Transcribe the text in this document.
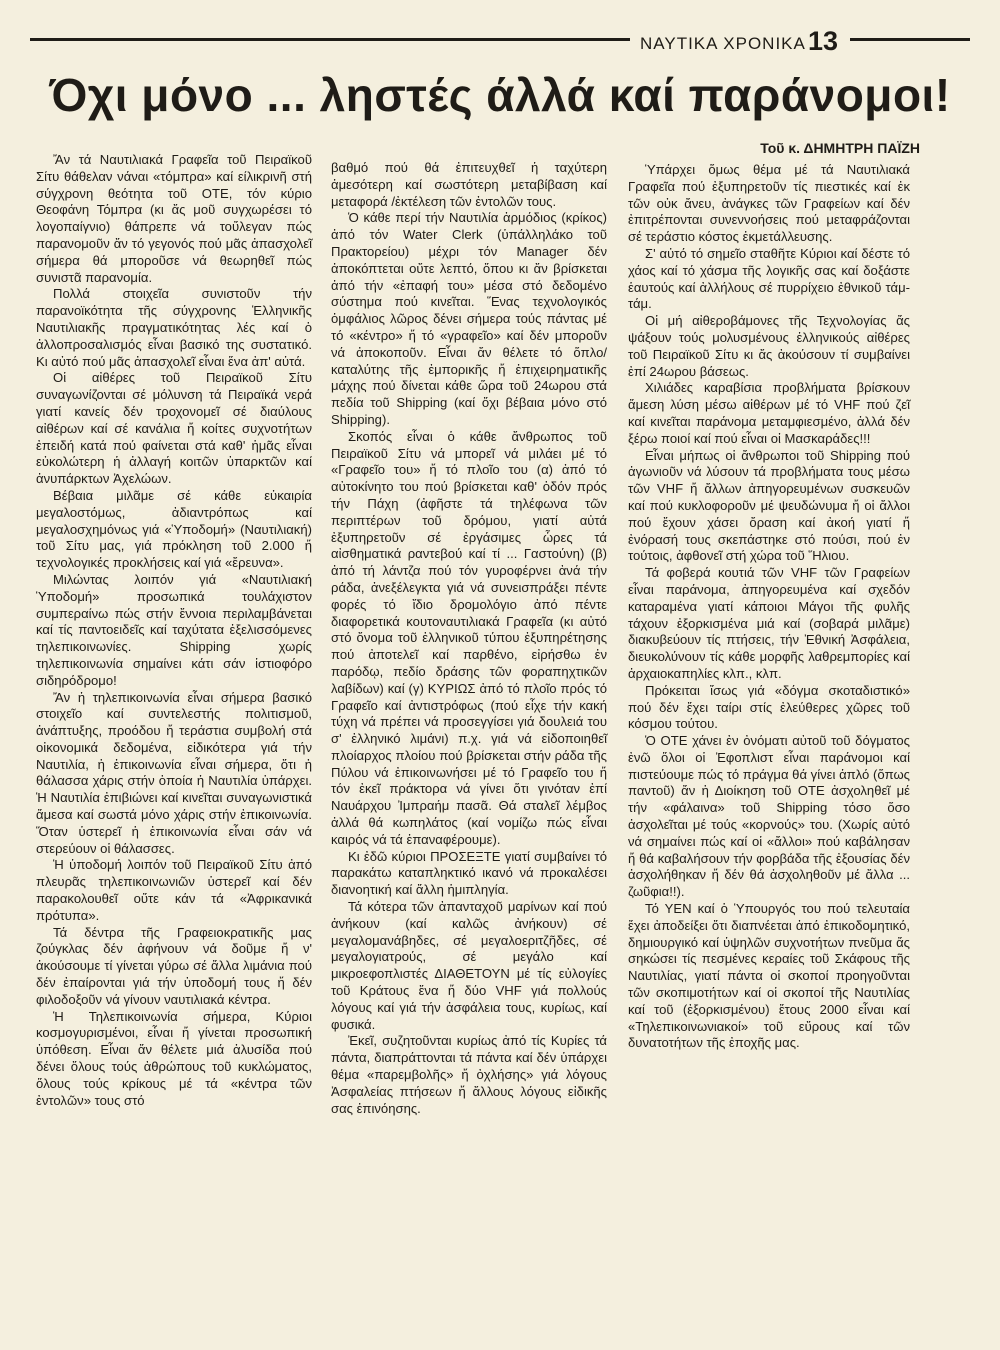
ΝΑΥΤΙΚΑ ΧΡΟΝΙΚΑ 13
Όχι μόνο ... ληστές άλλά καί παράνομοι!
Τοῦ κ. ΔΗΜΗΤΡΗ ΠΑΪΖΗ

Ἄν τά Ναυτιλιακά Γραφεῖα τοῦ Πειραϊκοῦ Σίτυ θάθελαν νάναι «τόμπρα» καί είλικρινῆ στή σύγχρονη θεότητα τοῦ ΟΤΕ, τόν κύριο Θεοφάνη Τόμπρα (κι ἄς μοῦ συγχωρέσει τό λογοπαίγνιο) θάπρεπε νά τοὔλεγαν πώς παρανομοῦν ἄν τό γεγονός πού μᾶς ἀπασχολεῖ σήμερα θά μποροῦσε νά θεωρηθεῖ πώς συνιστᾶ παρανομία.

Πολλά στοιχεῖα συνιστοῦν τήν παρανοϊκότητα τῆς σύγχρονης Ἑλληνικῆς Ναυτιλιακῆς πραγματικότητας λές καί ὁ ἀλλοπροσαλισμός εἶναι βασικό της συστατικό. Κι αὐτό πού μᾶς ἀπασχολεῖ εἶναι ἕνα ἀπ' αὐτά.

Οἱ αἰθέρες τοῦ Πειραϊκοῦ Σίτυ συναγωνίζονται σέ μόλυνση τά Πειραϊκά νερά γιατί κανείς δέν τροχονομεῖ σέ διαύλους αἰθέρων καί σέ κανάλια ἤ κοίτες συχνοτήτων ἐπειδή κατά πού φαίνεται στά καθ' ἡμᾶς εἶναι εὐκολώτερη ἡ ἀλλαγή κοιτῶν ὑπαρκτῶν καί ἀνυπάρκτων Ἀχελώων.

Βέβαια μιλᾶμε σέ κάθε εὐκαιρία μεγαλοστόμως, ἀδιαντρόπως καί μεγαλοσχημόνως γιά «Ὑποδομή» (Ναυτιλιακή) τοῦ Σίτυ μας, γιά πρόκληση τοῦ 2.000 ἤ τεχνολογικές προκλήσεις καί γιά «ἔρευνα».

Μιλώντας λοιπόν γιά «Ναυτιλιακή Ὑποδομή» προσωπικά τουλάχιστον συμπεραίνω πώς στήν ἔννοια περιλαμβάνεται καί τίς παντοειδεῖς καί ταχύτατα ἐξελισσόμενες τηλεπικοινωνίες. Shipping χωρίς τηλεπικοινωνία σημαίνει κάτι σάν ἱστιοφόρο σιδηρόδρομο!

Ἄν ἡ τηλεπικοινωνία εἶναι σήμερα βασικό στοιχεῖο καί συντελεστής πολιτισμοῦ, ἀνάπτυξης, προόδου ἤ τεράστια συμβολή στά οἰκονομικά δεδομένα, εἰδικότερα γιά τήν Ναυτιλία, ἡ ἐπικοινωνία εἶναι σήμερα, ὅτι ἡ θάλασσα χάρις στήν ὁποία ἡ Ναυτιλία ὑπάρχει. Ἡ Ναυτιλία ἐπιβιώνει καί κινεῖται συναγωνιστικά ἄμεσα καί σωστά μόνο χάρις στήν ἐπικοινωνία. Ὅταν ὑστερεῖ ἡ ἐπικοινωνία εἶναι σάν νά στερεύουν οἱ θάλασσες.

Ἡ ὑποδομή λοιπόν τοῦ Πειραϊκοῦ Σίτυ ἀπό πλευρᾶς τηλεπικοινωνιῶν ὑστερεῖ καί δέν παρακολουθεῖ οὔτε κάν τά «Ἀφρικανικά πρότυπα».

Τά δέντρα τῆς Γραφειοκρατικῆς μας ζούγκλας δέν ἀφήνουν νά δοῦμε ἤ ν' ἀκούσουμε τί γίνεται γύρω σέ ἄλλα λιμάνια πού δέν ἐπαίρονται γιά τήν ὑποδομή τους ἤ δέν φιλοδοξοῦν νά γίνουν ναυτιλιακά κέντρα.

Ἡ Τηλεπικοινωνία σήμερα, Κύριοι κοσμογυρισμένοι, εἶναι ἤ γίνεται προσωπική ὑπόθεση. Εἶναι ἄν θέλετε μιά ἁλυσίδα πού δένει ὅλους τούς ἀθρώπους τοῦ κυκλώματος, ὅλους τούς κρίκους μέ τά «κέντρα τῶν ἐντολῶν» τους στό

βαθμό πού θά ἐπιτευχθεῖ ἡ ταχύτερη ἀμεσότερη καί σωστότερη μεταβίβαση καί μεταφορά /ἐκτέλεση τῶν ἐντολῶν τους.

Ὁ κάθε περί τήν Ναυτιλία ἁρμόδιος (κρίκος) ἀπό τόν Water Clerk (ὑπάλληλάκο τοῦ Πρακτορείου) μέχρι τόν Manager δέν ἀποκόπτεται οὔτε λεπτό, ὅπου κι ἄν βρίσκεται ἀπό τήν «ἐπαφή του» μέσα στό δεδομένο σύστημα πού κινεῖται. Ἕνας τεχνολογικός ὀμφάλιος λῶρος δένει σήμερα τούς πάντας μέ τό «κέντρο» ἤ τό «γραφεῖο» καί δέν μποροῦν νά ἀποκοποῦν. Εἶναι ἄν θέλετε τό ὅπλο/καταλύτης τῆς ἐμπορικῆς ἤ ἐπιχειρηματικῆς μάχης πού δίνεται κάθε ὥρα τοῦ 24ωρου στά πεδία τοῦ Shipping (καί ὄχι βέβαια μόνο στό Shipping).

Σκοπός εἶναι ὁ κάθε ἄνθρωπος τοῦ Πειραϊκοῦ Σίτυ νά μπορεῖ νά μιλάει μέ τό «Γραφεῖο του» ἤ τό πλοῖο του (α) ἀπό τό αὐτοκίνητο του πού βρίσκεται καθ' ὁδόν πρός τήν Πάχη (ἀφῆστε τά τηλέφωνα τῶν περιπτέρων τοῦ δρόμου, γιατί αὐτά ἐξυπηρετοῦν σέ ἐργάσιμες ὧρες τά αἰσθηματικά ραντεβού καί τί ... Γαστούνη) (β) ἀπό τή λάντζα πού τόν γυροφέρνει ἀνά τήν ράδα, ἀνεξέλεγκτα γιά νά συνεισπράξει πέντε φορές τό ἴδιο δρομολόγιο ἀπό πέντε διαφορετικά κουτοναυτιλιακά Γραφεῖα (κι αὐτό στό ὄνομα τοῦ ἑλληνικοῦ τύπου ἐξυπηρέτησης πού ἀποτελεῖ καί παρθένο, εἰρήσθω ἐν παρόδῳ, πεδίο δράσης τῶν φοραπηχτικῶν λαβίδων) καί (γ) ΚΥΡΙΩΣ ἀπό τό πλοῖο πρός τό Γραφεῖο καί ἀντιστρόφως (πού εἶχε τήν κακή τύχη νά πρέπει νά προσεγγίσει γιά δουλειά του σ' ἑλληνικό λιμάνι) π.χ. γιά νά εἰδοποιηθεῖ πλοίαρχος πλοίου πού βρίσκεται στήν ράδα τῆς Πύλου νά ἐπικοινωνήσει μέ τό Γραφεῖο του ἤ τόν ἐκεῖ πράκτορα νά γίνει ὅτι γινόταν ἐπί Ναυάρχου Ἰμπραήμ πασᾶ. Θά σταλεῖ λέμβος ἀλλά θά κωπηλάτος (καί νομίζω πώς εἶναι καιρός νά τά ἐπαναφέρουμε).

Κι ἐδῶ κύριοι ΠΡΟΣΕΞΤΕ γιατί συμβαίνει τό παρακάτω καταπληκτικό ικανό νά προκαλέσει διανοητική καί ἄλλη ἡμιπληγία.

Τά κότερα τῶν ἀπανταχοῦ μαρίνων καί πού ἀνήκουν (καί καλῶς ἀνήκουν) σέ μεγαλομανάβηδες, σέ μεγαλοεριτζῆδες, σέ μεγαλογιατρούς, σέ μεγάλο καί μικροεφοπλιστές ΔΙΑΘΕΤΟΥΝ μέ τίς εὐλογίες τοῦ Κράτους ἕνα ἤ δύο VHF γιά πολλούς λόγους καί γιά τήν ἀσφάλεια τους, κυρίως, καί φυσικά.

Ἐκεῖ, συζητοῦνται κυρίως ἀπό τίς Κυρίες τά πάντα, διαπράττονται τά πάντα καί δέν ὑπάρχει θέμα «παρεμβολῆς» ἤ ὀχλήσης» γιά λόγους Ἀσφαλείας πτήσεων ἤ ἄλλους λόγους εἰδικῆς σας ἐπινόησης.

Ὑπάρχει ὅμως θέμα μέ τά Ναυτιλιακά Γραφεῖα πού ἐξυπηρετοῦν τίς πιεστικές καί ἐκ τῶν οὐκ ἄνευ, ἀνάγκες τῶν Γραφείων καί δέν ἐπιτρέπονται συνεννοήσεις πού μεταφράζονται σέ τεράστιο κόστος ἐκμετάλλευσης.

Σ' αὐτό τό σημεῖο σταθῆτε Κύριοι καί δέστε τό χάος καί τό χάσμα τῆς λογικῆς σας καί δοξάστε ἑαυτούς καί ἀλλήλους σέ πυρρίχειο ἐθνικοῦ τάμ-τάμ.

Οἱ μή αἰθεροβάμονες τῆς Τεχνολογίας ἄς ψάξουν τούς μολυσμένους ἑλληνικούς αἰθέρες τοῦ Πειραϊκοῦ Σίτυ κι ἄς ἀκούσουν τί συμβαίνει ἐπί 24ωρου βάσεως.

Χιλιάδες καραβίσια προβλήματα βρίσκουν ἄμεση λύση μέσω αἰθέρων μέ τό VHF πού ζεῖ καί κινεῖται παράνομα μεταμφιεσμένο, ἀλλά δέν ξέρω ποιοί καί πού εἶναι οἱ Μασκαράδες!!!

Εἶναι μήπως οἱ ἄνθρωποι τοῦ Shipping πού ἀγωνιοῦν νά λύσουν τά προβλήματα τους μέσω τῶν VHF ἤ ἄλλων ἀπηγορευμένων συσκευῶν καί πού κυκλοφοροῦν μέ ψευδώνυμα ἤ οἱ ἄλλοι πού ἔχουν χάσει ὄραση καί ἀκοή γιατί ἤ ἐνόρασή τους σκεπάστηκε στό πούσι, πού ἐν τούτοις, ἀφθονεῖ στή χώρα τοῦ Ἥλιου.

Τά φοβερά κουτιά τῶν VHF τῶν Γραφείων εἶναι παράνομα, ἀπηγορευμένα καί σχεδόν καταραμένα γιατί κάποιοι Μάγοι τῆς φυλῆς τάχουν ἐξορκισμένα μιά καί (σοβαρά μιλᾶμε) διακυβεύουν τίς πτήσεις, τήν Ἐθνική Ἀσφάλεια, διευκολύνουν τίς κάθε μορφῆς λαθρεμπορίες καί ἀρχαιοκαπηλίες κλπ., κλπ.

Πρόκειται ἴσως γιά «δόγμα σκοταδιστικό» πού δέν ἔχει ταίρι στίς ἐλεύθερες χῶρες τοῦ κόσμου τούτου.

Ὁ ΟΤΕ χάνει ἐν ὀνόματι αὐτοῦ τοῦ δόγματος ἐνῶ ὅλοι οἱ Ἐφοπλιστ εἶναι παράνομοι καί πιστεύουμε πώς τό πράγμα θά γίνει ἁπλό (ὅπως παντοῦ) ἄν ἡ Διοίκηση τοῦ ΟΤΕ ἀσχοληθεῖ μέ τήν «φάλαινα» τοῦ Shipping τόσο ὅσο ἀσχολεῖται μέ τούς «κορνούς» του. (Χωρίς αὐτό νά σημαίνει πώς καί οἱ «ἄλλοι» πού καβάλησαν ἤ θά καβαλήσουν τήν φορβάδα τῆς ἐξουσίας δέν ἀσχολήθηκαν ἤ δέν θά ἀσχοληθοῦν μέ ἄλλα ... ζωῦφια!!).

Τό ΥΕΝ καί ὁ Ὑπουργός του πού τελευταία ἔχει ἀποδείξει ὅτι διαπνέεται ἀπό ἐπικοδομητικό, δημιουργικό καί ὑψηλῶν συχνοτήτων πνεῦμα ἄς σηκώσει τίς πεσμένες κεραίες τοῦ Σκάφους τῆς Ναυτιλίας, γιατί πάντα οἱ σκοποί προηγοῦνται τῶν σκοπιμοτήτων καί οἱ σκοποί τῆς Ναυτιλίας καί τοῦ (ἐξορκισμένου) ἔτους 2000 εἶναι καί «Τηλεπικοινωνιακοί» τοῦ εὔρους καί τῶν δυνατοτήτων τῆς ἐποχῆς μας.
